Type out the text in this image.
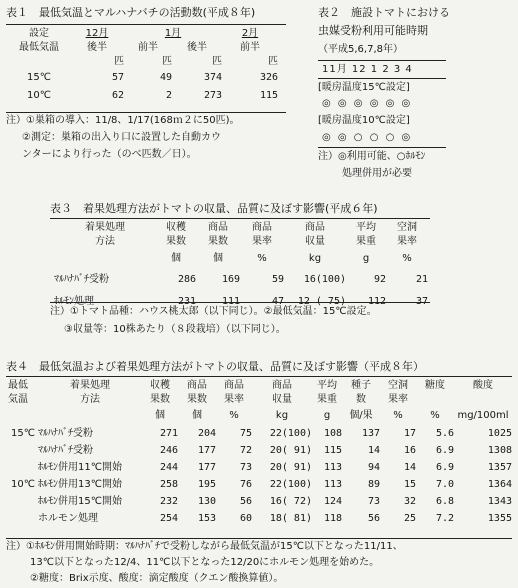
表１　最低気温とマルハナバチの活動数(平成８年)
設定	12月	1月		2月
最低気温	後半	前半	後半	前半
	匹	匹	匹	匹
15℃	57	49	374	326
10℃	62	2	273	115
注）①巣箱の導入：11/8、1/17(168ｍ２に50匹)。
②測定：巣箱の出入り口に設置した自動カウ
ンターにより行った（のべ匹数／日）。
表２　施設トマトにおける
虫媒受粉利用可能時期
（平成5,6,7,8年）
11月 12 1 2 3 4
[暖房温度15℃設定]
◎ ◎ ◎ ◎ ◎ ◎
[暖房温度10℃設定]
◎ ◎ ○ ○ ○ ◎
注）◎利用可能、○ﾎﾙﾓﾝ
処理併用が必要
表３　着果処理方法がトマトの収量、品質に及ぼす影響(平成６年)
着果処理	収穫	商品	商品	商品	平均	空洞
方法	果数	果数	果率	収量	果重	果率
	個	個	%	kg	g	%
ﾏﾙﾊﾅﾊﾞﾁ受粉	286	169	59	16(100)	92	21
ﾎﾙﾓﾝ処理	231	111	47	12 ( 75)	112	37
注）①トマト品種：ハウス桃太郎（以下同じ）。②最低気温：15℃設定。
③収量等：10株あたり（８段栽培）（以下同じ）。
表４　最低気温および着果処理方法がトマトの収量、品質に及ぼす影響（平成８年）
最低	着果処理	収穫	商品	商品	商品	平均	種子	空洞	糖度	酸度
気温	方法	果数	果数	果率	収量	果重	数	果率		
		個	個	%	kg	g	個/果	%	%	mg/100ml
15℃	ﾏﾙﾊﾅﾊﾞﾁ受粉	271	204	75	22(100)	108	137	17	5.6	1025
	ﾏﾙﾊﾅﾊﾞﾁ受粉	246	177	72	20( 91)	115	14	16	6.9	1308
	ﾎﾙﾓﾝ併用11℃開始	244	177	73	20( 91)	113	94	14	6.9	1357
10℃	ﾎﾙﾓﾝ併用13℃開始	258	195	76	22(100)	113	89	15	7.0	1364
	ﾎﾙﾓﾝ併用15℃開始	232	130	56	16( 72)	124	73	32	6.8	1343
	ホルモン処理	254	153	60	18( 81)	118	56	25	7.2	1355
注）①ﾎﾙﾓﾝ併用開始時期：ﾏﾙﾊﾅﾊﾞﾁで受粉しながら最低気温が15℃以下となった11/11、
13℃以下となった12/4、11℃以下となった12/20にホルモン処理を始めた。
②糖度：Brix示度、酸度：滴定酸度（クエン酸換算値）。
